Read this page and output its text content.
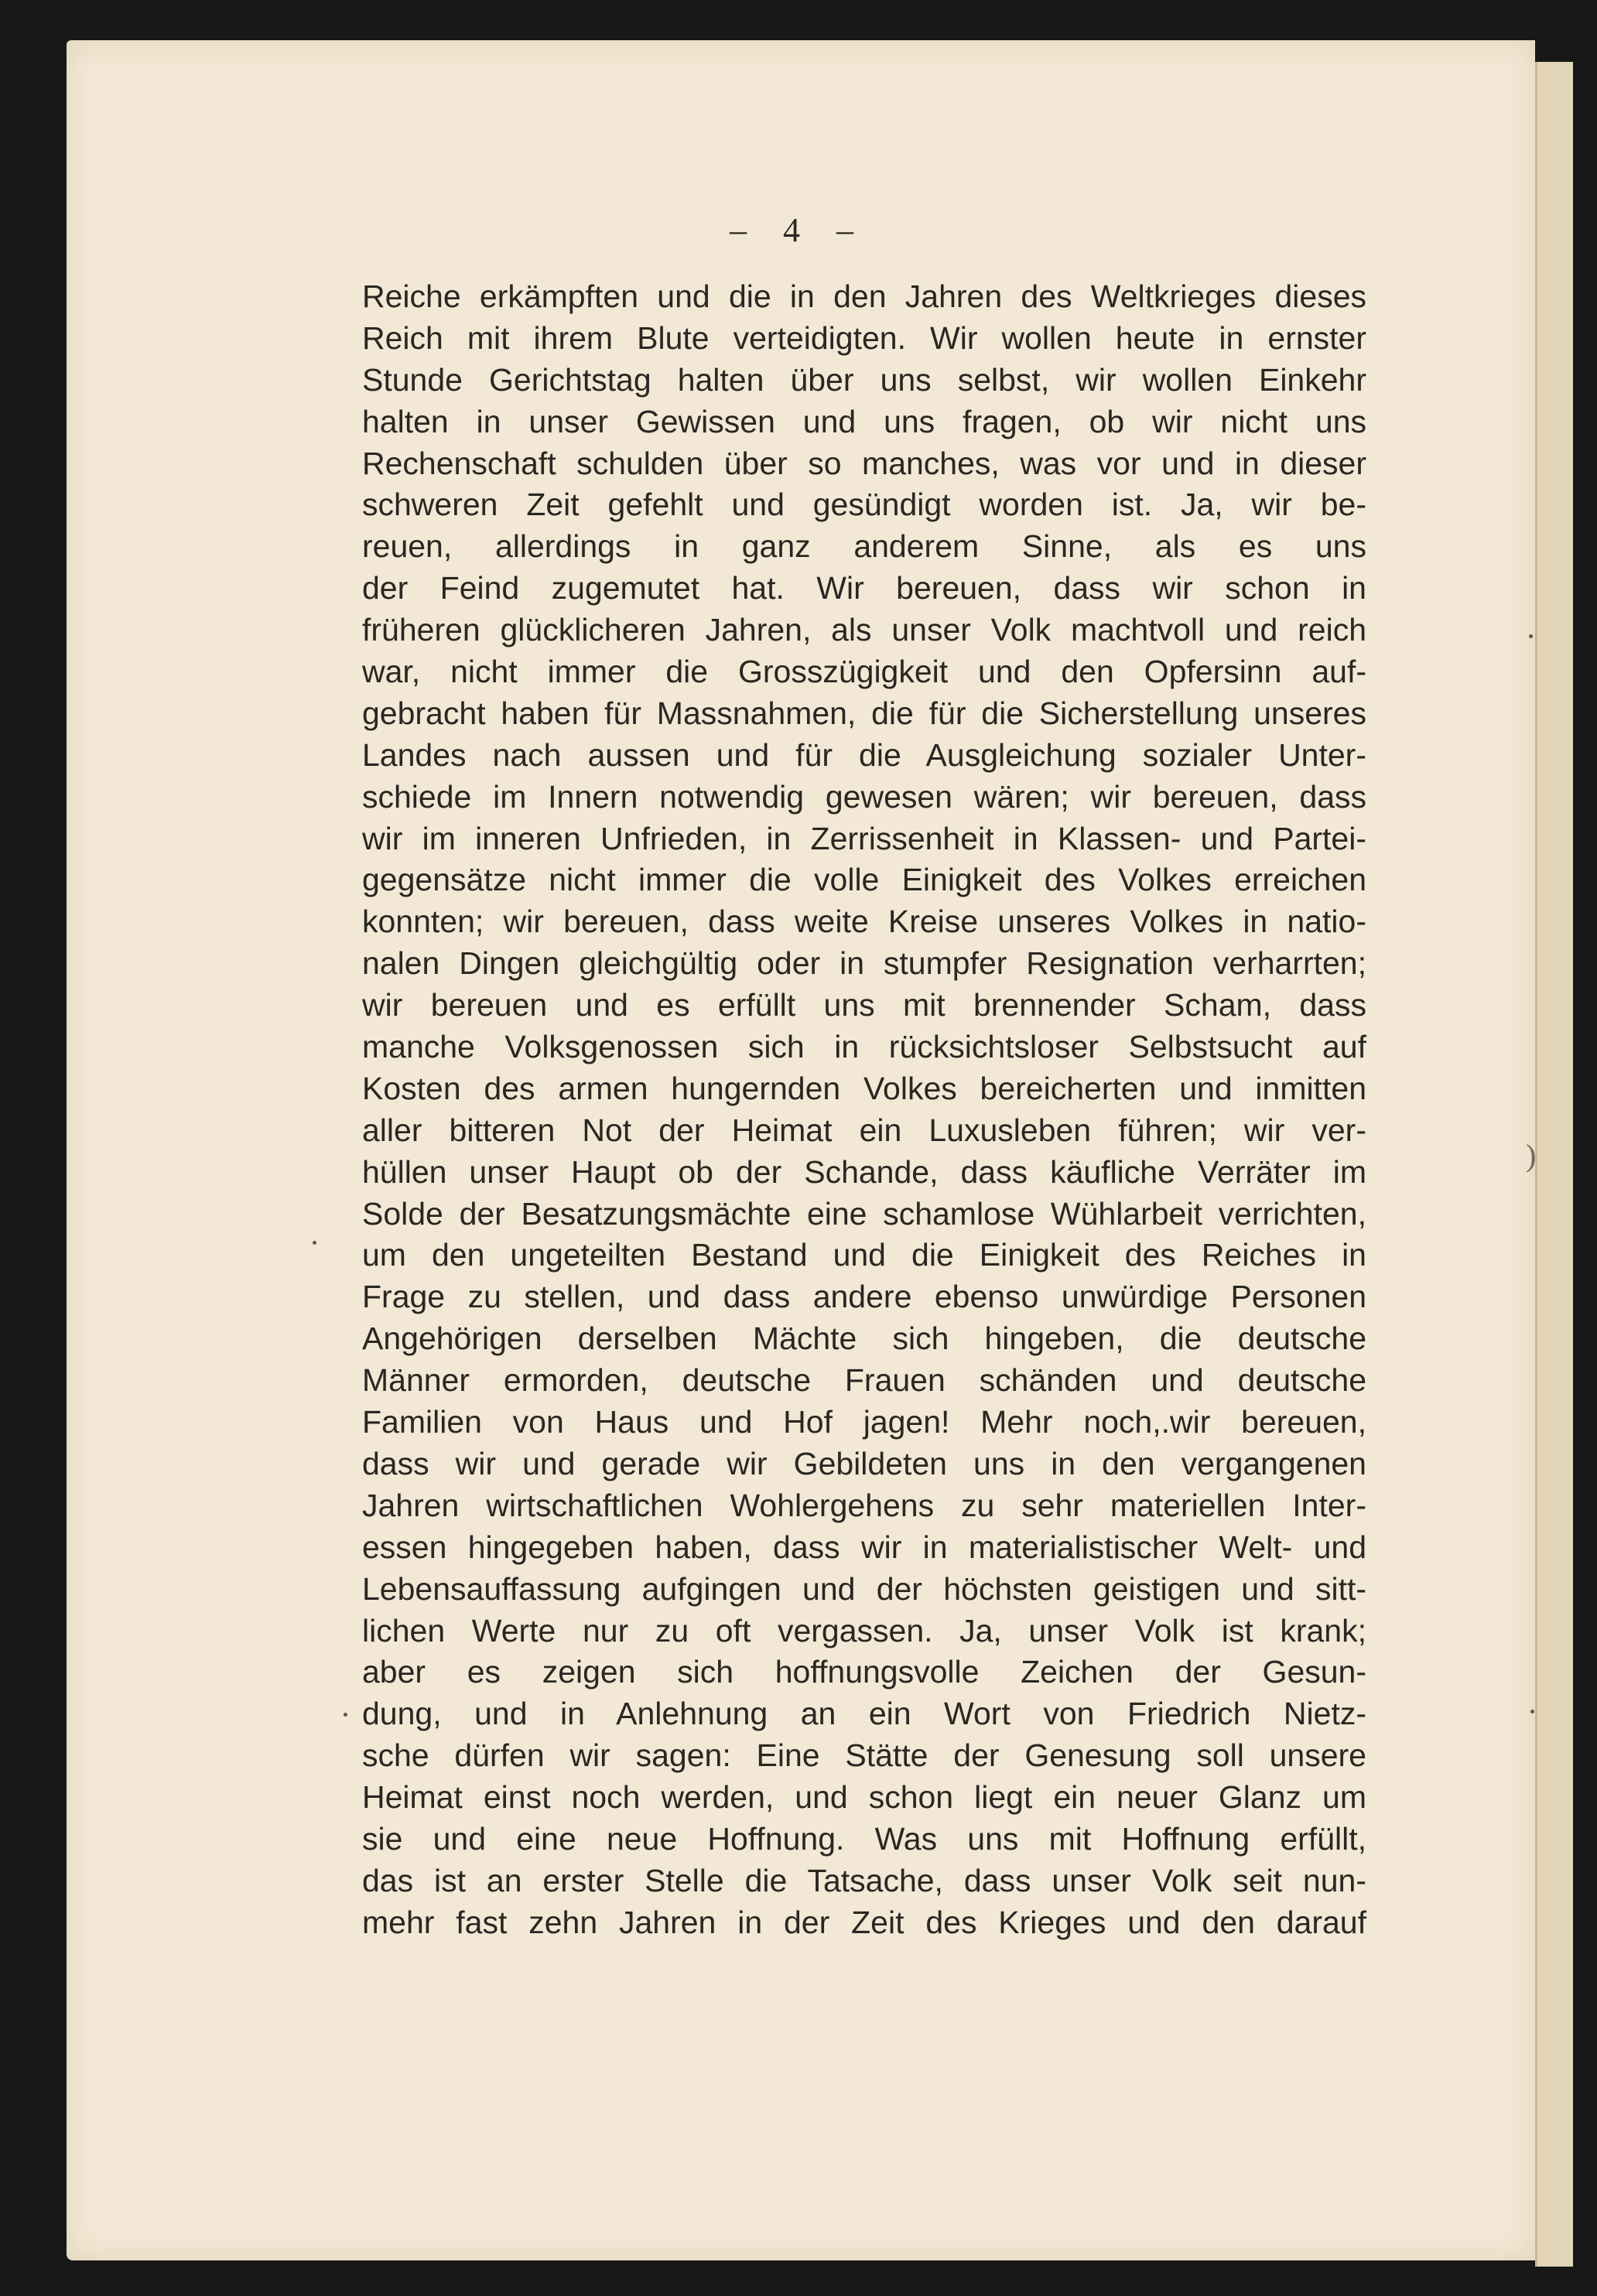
– 4 –
Reiche erkämpften und die in den Jahren des Weltkrieges dieses
Reich mit ihrem Blute verteidigten. Wir wollen heute in ernster
Stunde Gerichtstag halten über uns selbst, wir wollen Einkehr
halten in unser Gewissen und uns fragen, ob wir nicht uns
Rechenschaft schulden über so manches, was vor und in dieser
schweren Zeit gefehlt und gesündigt worden ist. Ja, wir be-
reuen, allerdings in ganz anderem Sinne, als es uns
der Feind zugemutet hat. Wir bereuen, dass wir schon in
früheren glücklicheren Jahren, als unser Volk machtvoll und reich
war, nicht immer die Grosszügigkeit und den Opfersinn auf-
gebracht haben für Massnahmen, die für die Sicherstellung unseres
Landes nach aussen und für die Ausgleichung sozialer Unter-
schiede im Innern notwendig gewesen wären; wir bereuen, dass
wir im inneren Unfrieden, in Zerrissenheit in Klassen- und Partei-
gegensätze nicht immer die volle Einigkeit des Volkes erreichen
konnten; wir bereuen, dass weite Kreise unseres Volkes in natio-
nalen Dingen gleichgültig oder in stumpfer Resignation verharrten;
wir bereuen und es erfüllt uns mit brennender Scham, dass
manche Volksgenossen sich in rücksichtsloser Selbstsucht auf
Kosten des armen hungernden Volkes bereicherten und inmitten
aller bitteren Not der Heimat ein Luxusleben führen; wir ver-
hüllen unser Haupt ob der Schande, dass käufliche Verräter im
Solde der Besatzungsmächte eine schamlose Wühlarbeit verrichten,
um den ungeteilten Bestand und die Einigkeit des Reiches in
Frage zu stellen, und dass andere ebenso unwürdige Personen
Angehörigen derselben Mächte sich hingeben, die deutsche
Männer ermorden, deutsche Frauen schänden und deutsche
Familien von Haus und Hof jagen! Mehr noch,.wir bereuen,
dass wir und gerade wir Gebildeten uns in den vergangenen
Jahren wirtschaftlichen Wohlergehens zu sehr materiellen Inter-
essen hingegeben haben, dass wir in materialistischer Welt- und
Lebensauffassung aufgingen und der höchsten geistigen und sitt-
lichen Werte nur zu oft vergassen. Ja, unser Volk ist krank;
aber es zeigen sich hoffnungsvolle Zeichen der Gesun-
dung, und in Anlehnung an ein Wort von Friedrich Nietz-
sche dürfen wir sagen: Eine Stätte der Genesung soll unsere
Heimat einst noch werden, und schon liegt ein neuer Glanz um
sie und eine neue Hoffnung. Was uns mit Hoffnung erfüllt,
das ist an erster Stelle die Tatsache, dass unser Volk seit nun-
mehr fast zehn Jahren in der Zeit des Krieges und den darauf
)
